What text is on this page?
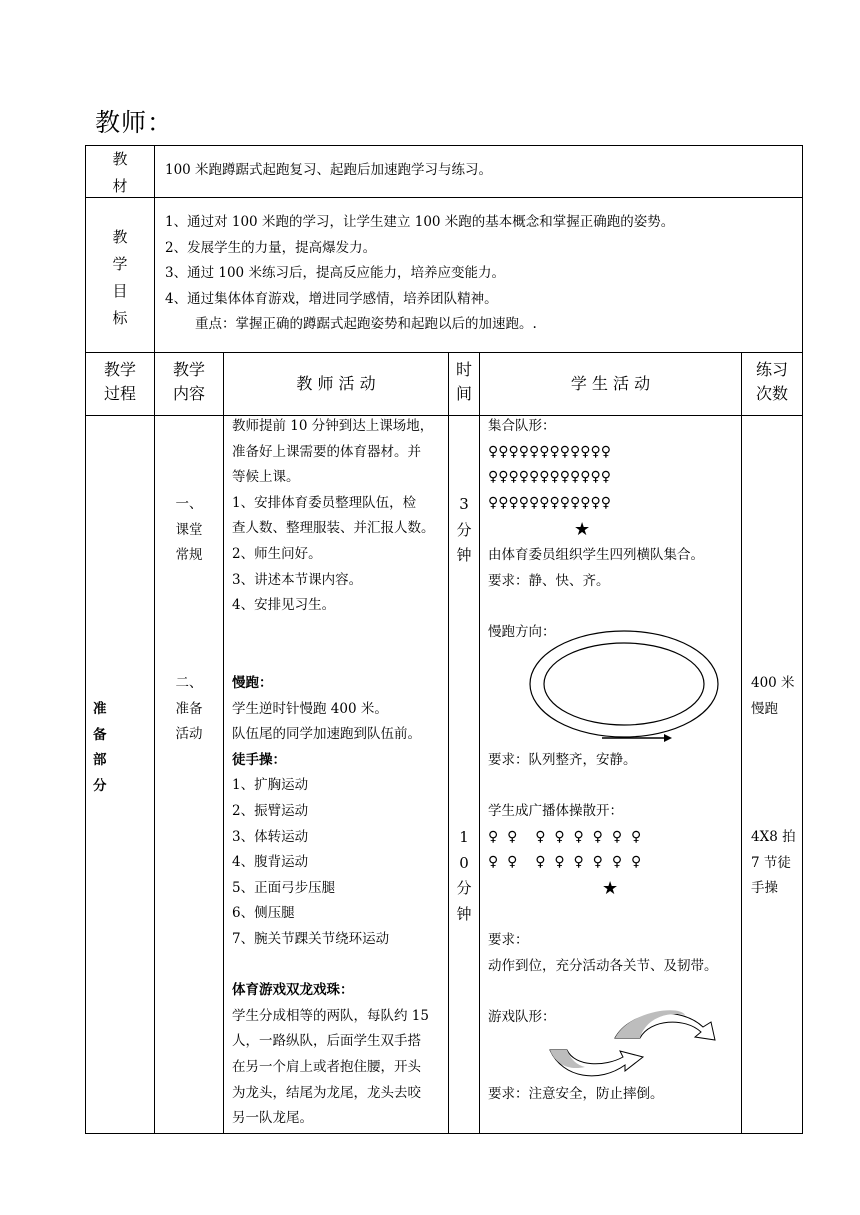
教师：
教
材
100 米跑蹲踞式起跑复习、起跑后加速跑学习与练习。
教
学
目
标
1、通过对 100 米跑的学习，让学生建立 100 米跑的基本概念和掌握正确跑的姿势。
2、发展学生的力量，提高爆发力。
3、通过 100 米练习后，提高反应能力，培养应变能力。
4、通过集体体育游戏，增进同学感情，培养团队精神。
重点：掌握正确的蹲踞式起跑姿势和起跑以后的加速跑。.
教学
过程
教学
内容
教 师 活 动
时
间
学 生 活 动
练习
次数
准
备
部
分
一、
课堂
常规
二、
准备
活动
教师提前 10 分钟到达上课场地，
准备好上课需要的体育器材。并
等候上课。
1、安排体育委员整理队伍，检
查人数、整理服装、并汇报人数。
2、师生问好。
3、讲述本节课内容。
4、安排见习生。
慢跑：
学生逆时针慢跑 400 米。
队伍尾的同学加速跑到队伍前。
徒手操：
1、扩胸运动
2、振臂运动
3、体转运动
4、腹背运动
5、正面弓步压腿
6、侧压腿
7、腕关节踝关节绕环运动

体育游戏双龙戏珠：
学生分成相等的两队，每队约 15
人，一路纵队，后面学生双手搭
在另一个肩上或者抱住腰，开头
为龙头，结尾为龙尾，龙头去咬
另一队龙尾。
3
分
钟
1
0
分
钟
集合队形：
♀♀♀♀♀♀♀♀♀♀♀♀
♀♀♀♀♀♀♀♀♀♀♀♀
♀♀♀♀♀♀♀♀♀♀♀♀
★
由体育委员组织学生四列横队集合。
要求：静、快、齐。
慢跑方向：
要求：队列整齐，安静。
学生成广播体操散开：
♀  ♀    ♀  ♀  ♀  ♀  ♀  ♀
♀  ♀    ♀  ♀  ♀  ♀  ♀  ♀
★
要求：
动作到位，充分活动各关节、及韧带。
游戏队形：
要求：注意安全，防止摔倒。
400 米
慢跑
4X8 拍
7 节徒
手操
